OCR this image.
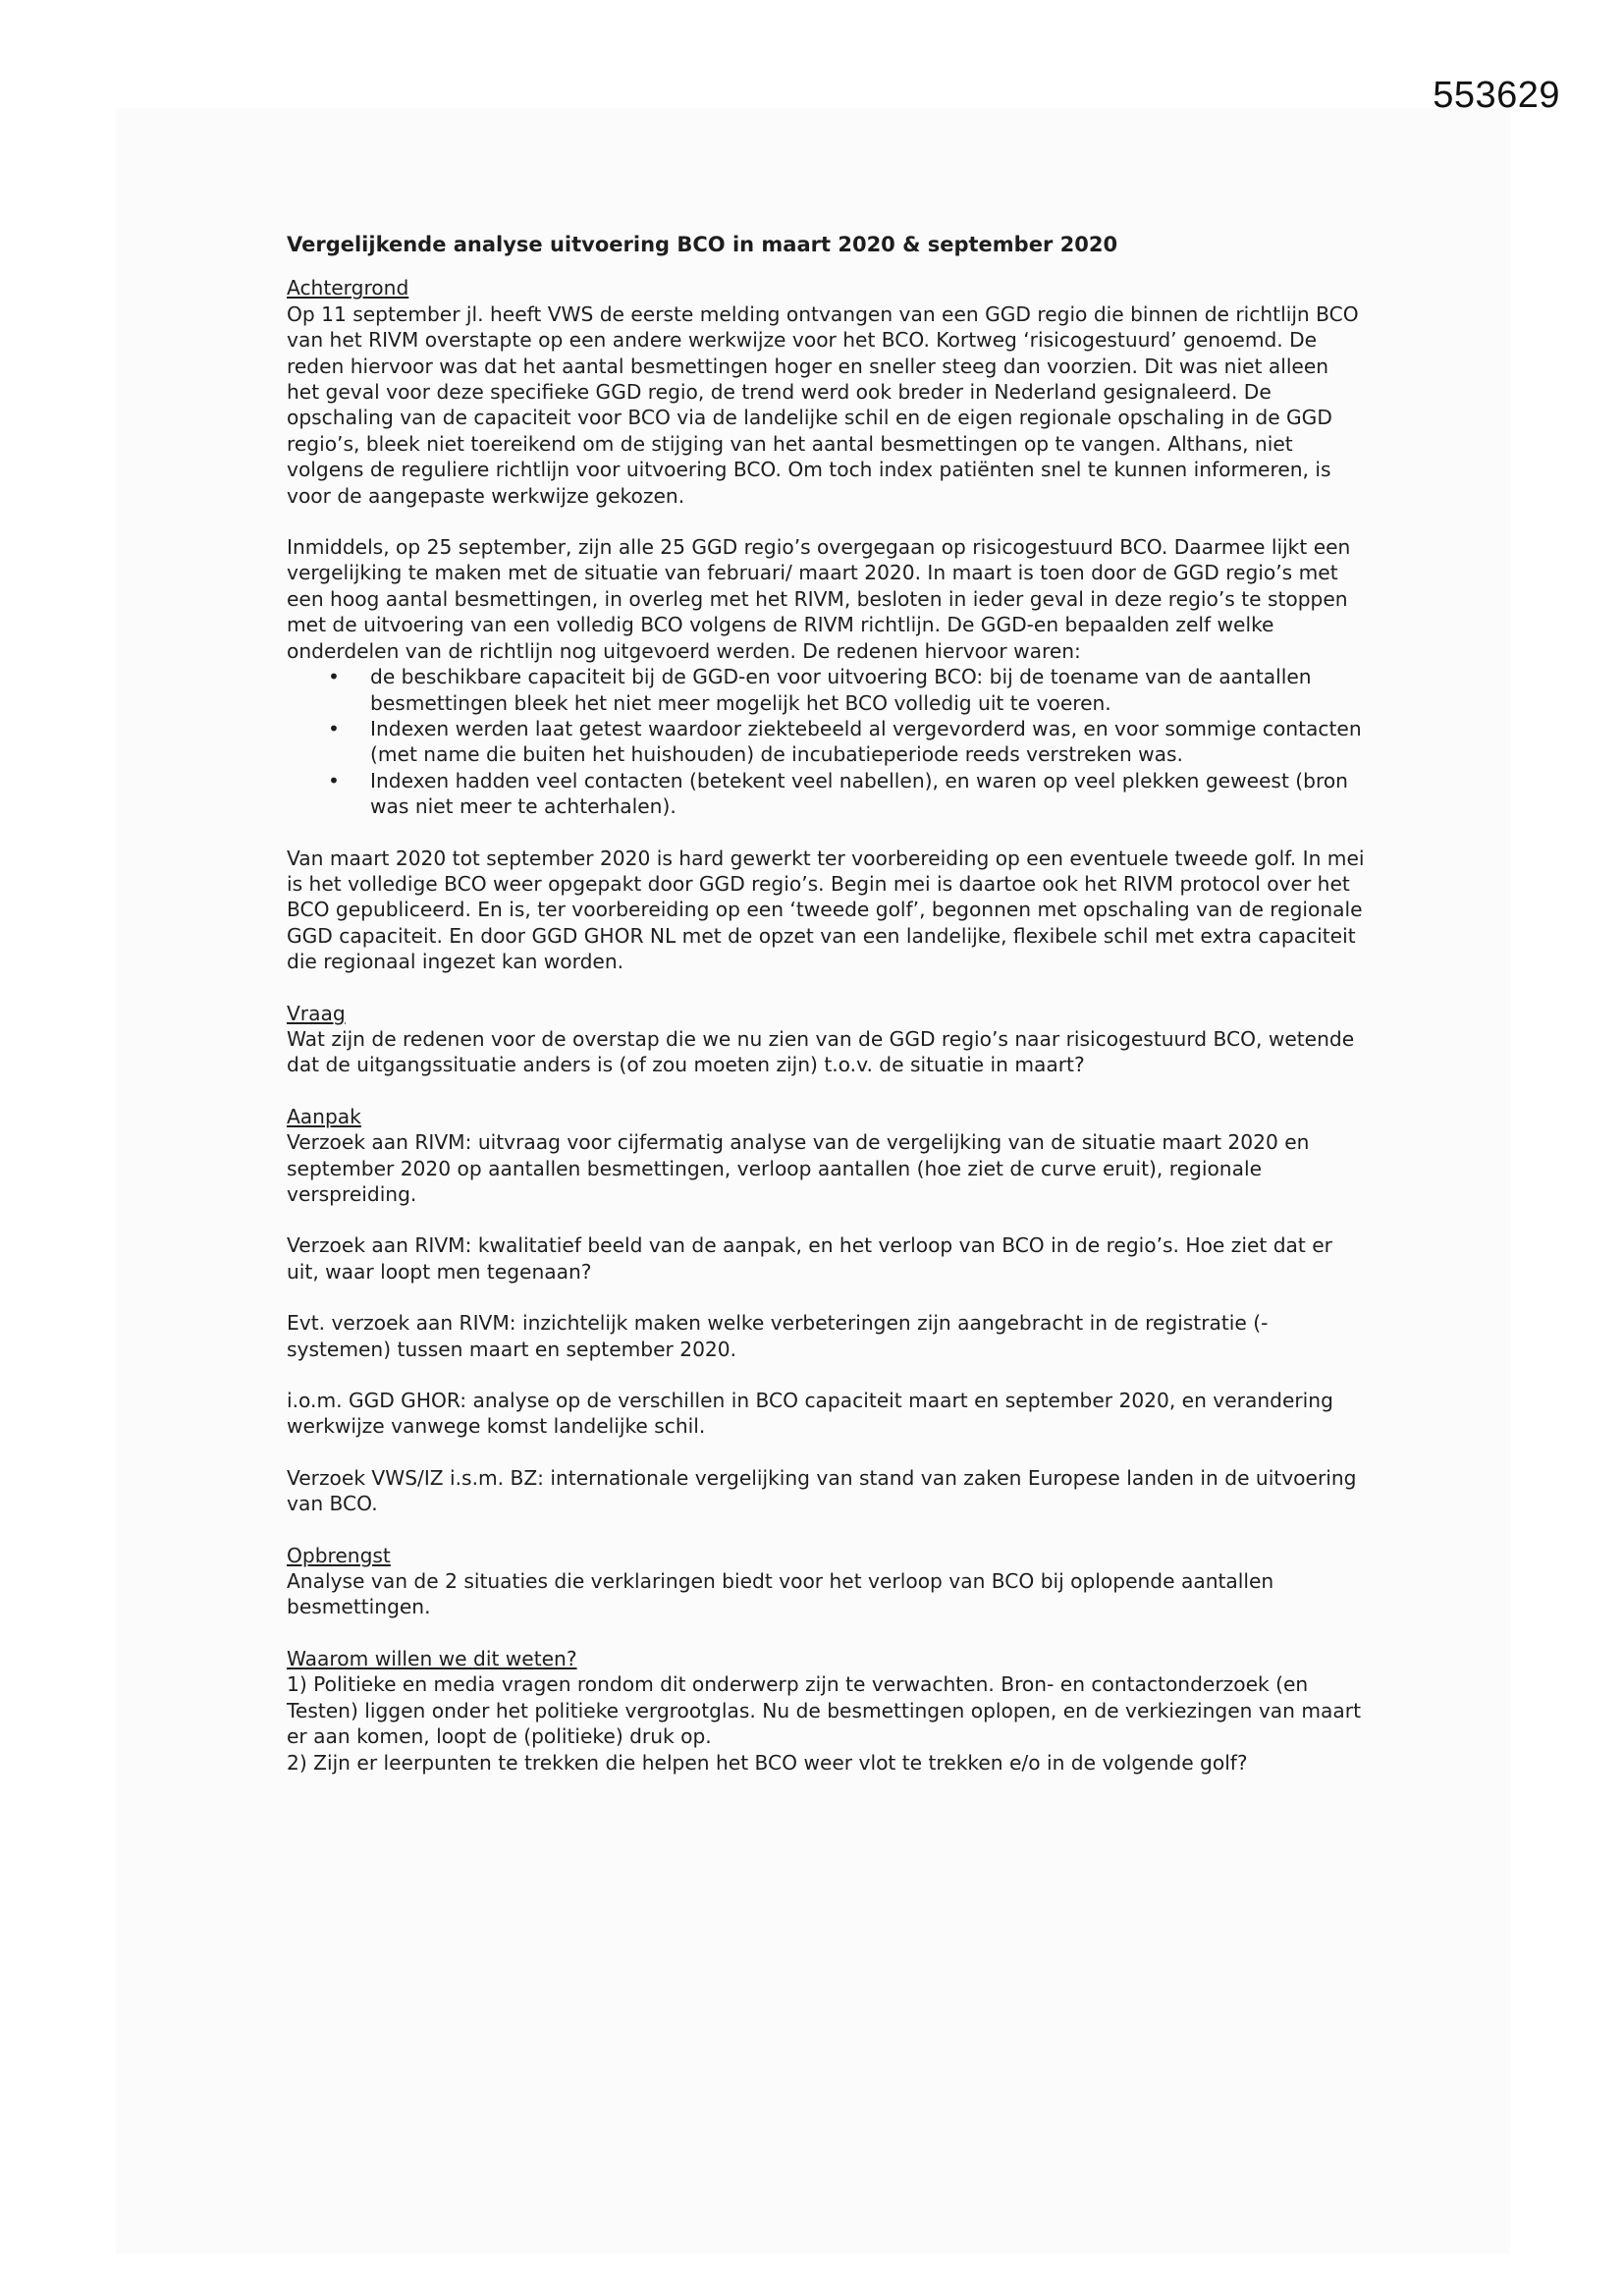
553629
Vergelijkende analyse uitvoering BCO in maart 2020 & september 2020

Achtergrond

Op 11 september jl. heeft VWS de eerste melding ontvangen van een GGD regio die binnen de richtlijn BCO van het RIVM overstapte op een andere werkwijze voor het BCO. Kortweg ‘risicogestuurd’ genoemd. De reden hiervoor was dat het aantal besmettingen hoger en sneller steeg dan voorzien. Dit was niet alleen het geval voor deze specifieke GGD regio, de trend werd ook breder in Nederland gesignaleerd. De opschaling van de capaciteit voor BCO via de landelijke schil en de eigen regionale opschaling in de GGD regio’s, bleek niet toereikend om de stijging van het aantal besmettingen op te vangen. Althans, niet volgens de reguliere richtlijn voor uitvoering BCO. Om toch index patiënten snel te kunnen informeren, is voor de aangepaste werkwijze gekozen.

Inmiddels, op 25 september, zijn alle 25 GGD regio’s overgegaan op risicogestuurd BCO. Daarmee lijkt een vergelijking te maken met de situatie van februari/ maart 2020. In maart is toen door de GGD regio’s met een hoog aantal besmettingen, in overleg met het RIVM, besloten in ieder geval in deze regio’s te stoppen met de uitvoering van een volledig BCO volgens de RIVM richtlijn. De GGD-en bepaalden zelf welke onderdelen van de richtlijn nog uitgevoerd werden. De redenen hiervoor waren:

• de beschikbare capaciteit bij de GGD-en voor uitvoering BCO: bij de toename van de aantallen besmettingen bleek het niet meer mogelijk het BCO volledig uit te voeren.
• Indexen werden laat getest waardoor ziektebeeld al vergevorderd was, en voor sommige contacten (met name die buiten het huishouden) de incubatieperiode reeds verstreken was.
• Indexen hadden veel contacten (betekent veel nabellen), en waren op veel plekken geweest (bron was niet meer te achterhalen).

Van maart 2020 tot september 2020 is hard gewerkt ter voorbereiding op een eventuele tweede golf. In mei is het volledige BCO weer opgepakt door GGD regio’s. Begin mei is daartoe ook het RIVM protocol over het BCO gepubliceerd. En is, ter voorbereiding op een ‘tweede golf’, begonnen met opschaling van de regionale GGD capaciteit. En door GGD GHOR NL met de opzet van een landelijke, flexibele schil met extra capaciteit die regionaal ingezet kan worden.

Vraag

Wat zijn de redenen voor de overstap die we nu zien van de GGD regio’s naar risicogestuurd BCO, wetende dat de uitgangssituatie anders is (of zou moeten zijn) t.o.v. de situatie in maart?

Aanpak

Verzoek aan RIVM: uitvraag voor cijfermatig analyse van de vergelijking van de situatie maart 2020 en september 2020 op aantallen besmettingen, verloop aantallen (hoe ziet de curve eruit), regionale verspreiding.

Verzoek aan RIVM: kwalitatief beeld van de aanpak, en het verloop van BCO in de regio’s. Hoe ziet dat er uit, waar loopt men tegenaan?

Evt. verzoek aan RIVM: inzichtelijk maken welke verbeteringen zijn aangebracht in de registratie (-systemen) tussen maart en september 2020.

i.o.m. GGD GHOR: analyse op de verschillen in BCO capaciteit maart en september 2020, en verandering werkwijze vanwege komst landelijke schil.

Verzoek VWS/IZ i.s.m. BZ: internationale vergelijking van stand van zaken Europese landen in de uitvoering van BCO.

Opbrengst

Analyse van de 2 situaties die verklaringen biedt voor het verloop van BCO bij oplopende aantallen besmettingen.

Waarom willen we dit weten?

1) Politieke en media vragen rondom dit onderwerp zijn te verwachten. Bron- en contactonderzoek (en Testen) liggen onder het politieke vergrootglas. Nu de besmettingen oplopen, en de verkiezingen van maart er aan komen, loopt de (politieke) druk op.

2) Zijn er leerpunten te trekken die helpen het BCO weer vlot te trekken e/o in de volgende golf?
